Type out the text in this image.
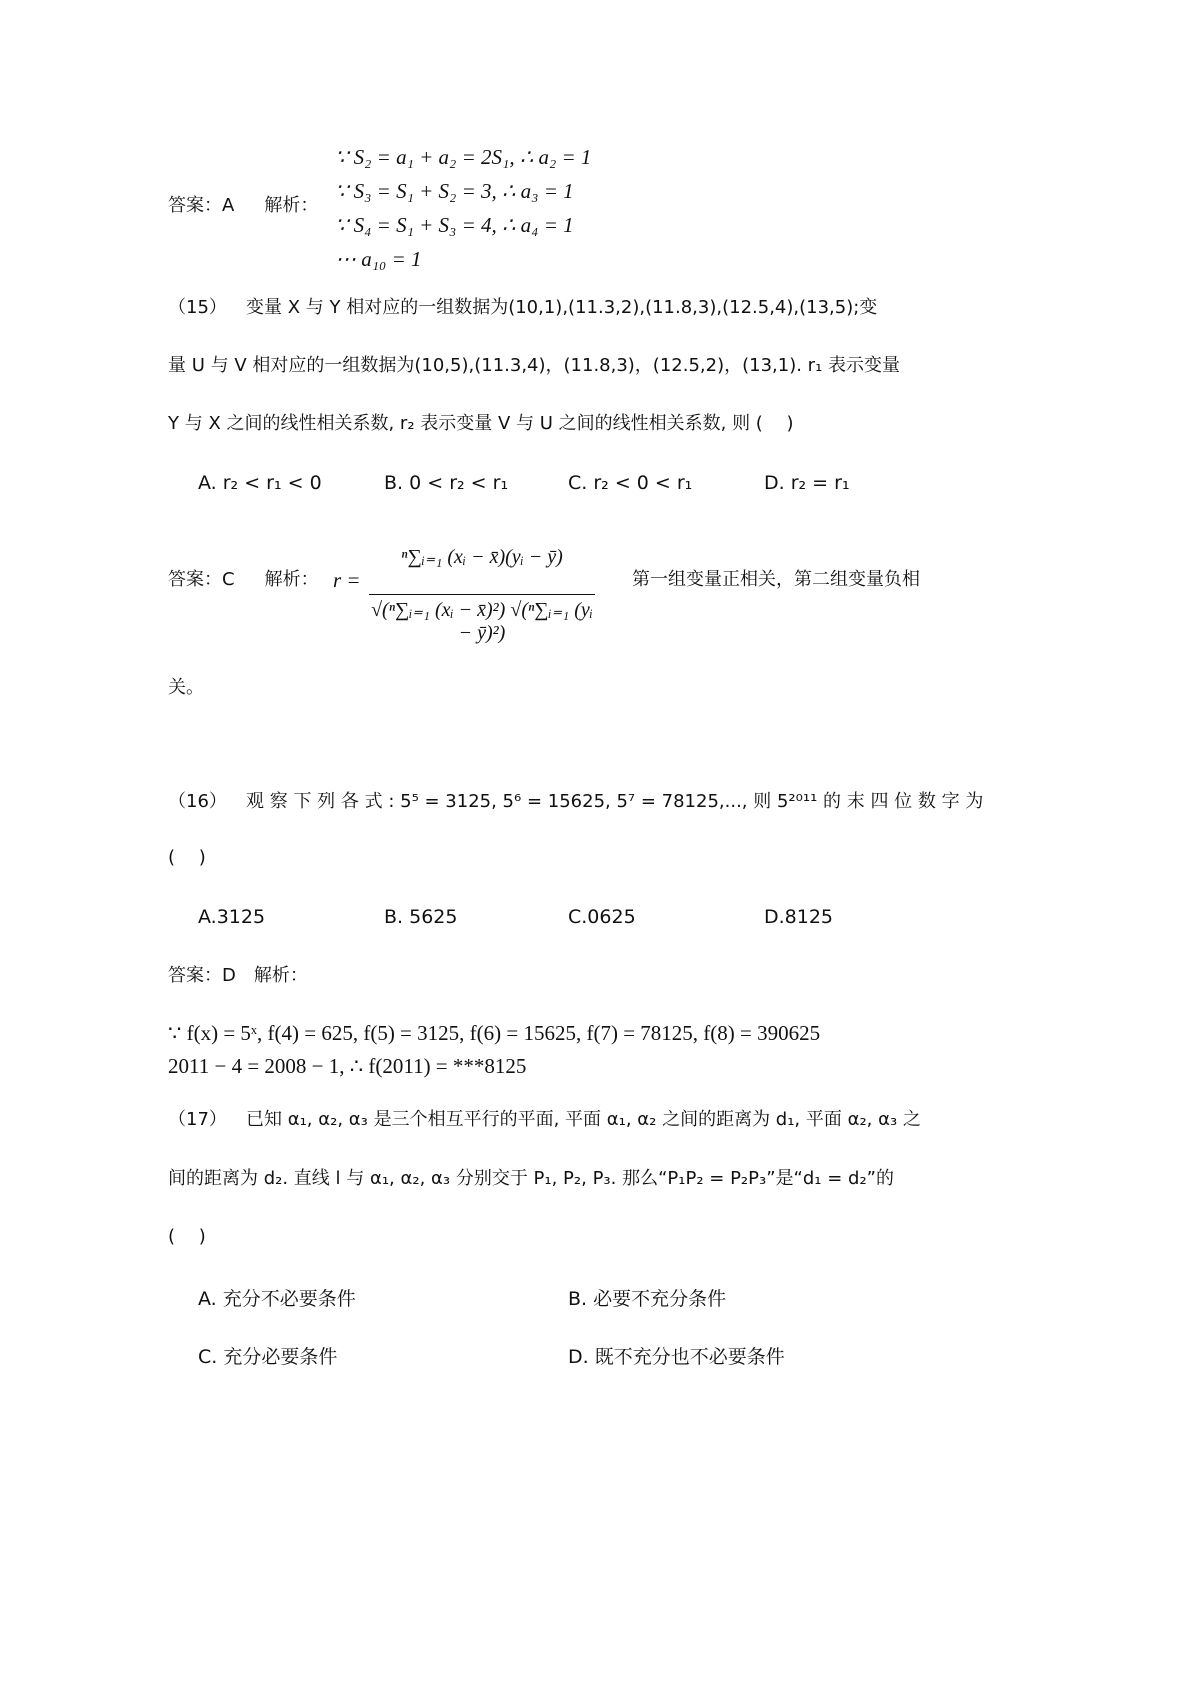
答案：A 解析：
∵ S₂ = a₁ + a₂ = 2S₁, ∴ a₂ = 1
∵ S₃ = S₁ + S₂ = 3, ∴ a₃ = 1
∵ S₄ = S₁ + S₃ = 4, ∴ a₄ = 1
⋯ a₁₀ = 1
（15） 变量 X 与 Y 相对应的一组数据为(10,1),(11.3,2),(11.8,3),(12.5,4),(13,5);变
量 U 与 V 相对应的一组数据为(10,5),(11.3,4)，(11.8,3)，(12.5,2)，(13,1). r₁ 表示变量
Y 与 X 之间的线性相关系数, r₂ 表示变量 V 与 U 之间的线性相关系数, 则 (　 )
A. r₂ < r₁ < 0	B. 0 < r₂ < r₁	C. r₂ < 0 < r₁	D. r₂ = r₁
答案：C 解析： r =
ⁿ∑ᵢ₌₁ (xᵢ − x̄)(yᵢ − ȳ)
√(ⁿ∑ᵢ₌₁ (xᵢ − x̄)²) √(ⁿ∑ᵢ₌₁ (yᵢ − ȳ)²)
第一组变量正相关，第二组变量负相
关。
（16） 观 察 下 列 各 式 : 5⁵ = 3125, 5⁶ = 15625, 5⁷ = 78125,..., 则 5²⁰¹¹ 的 末 四 位 数 字 为
(　 )
A.3125	B. 5625	C.0625	D.8125
答案：D　解析：
∵ f(x) = 5ˣ, f(4) = 625, f(5) = 3125, f(6) = 15625, f(7) = 78125, f(8) = 390625
2011 − 4 = 2008 − 1, ∴ f(2011) = ***8125
（17） 已知 α₁, α₂, α₃ 是三个相互平行的平面, 平面 α₁, α₂ 之间的距离为 d₁, 平面 α₂, α₃ 之
间的距离为 d₂. 直线 l 与 α₁, α₂, α₃ 分别交于 P₁, P₂, P₃. 那么“P₁P₂ = P₂P₃”是“d₁ = d₂”的
(　 )
A. 充分不必要条件	B. 必要不充分条件
C. 充分必要条件	D. 既不充分也不必要条件
